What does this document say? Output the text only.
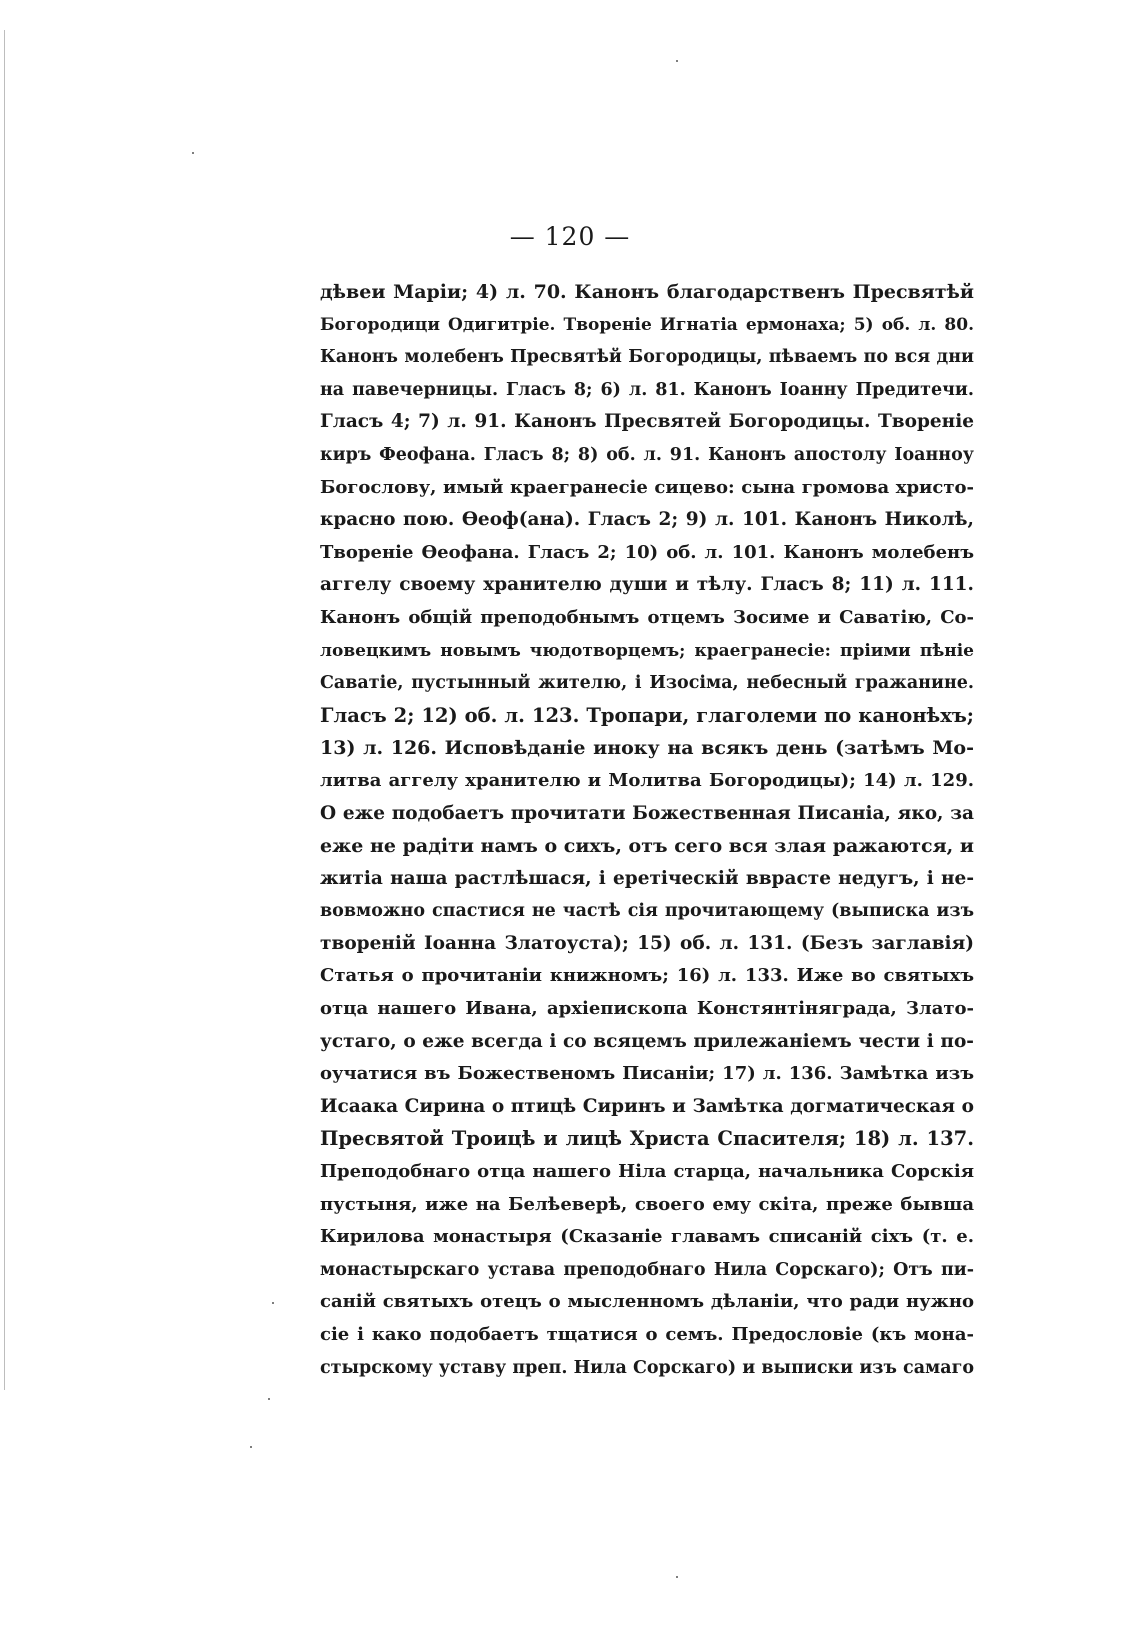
— 120 —
дѣвеи Маріи; 4) л. 70. Канонъ благодарственъ Пресвятѣй
Богородици Одигитріе. Твореніе Игнатіа ермонаха; 5) об. л. 80.
Канонъ молебенъ Пресвятѣй Богородицы, пѣваемъ по вся дни
на павечерницы. Гласъ 8; 6) л. 81. Канонъ Іоанну Предитечи.
Гласъ 4; 7) л. 91. Канонъ Пресвятей Богородицы. Твореніе
киръ Феофана. Гласъ 8; 8) об. л. 91. Канонъ апостолу Іоанноу
Богослову, имый краегранесіе сицево: сына громова христо-
красно пою. Ѳеоф(ана). Гласъ 2; 9) л. 101. Канонъ Николѣ,
Твореніе Ѳеофана. Гласъ 2; 10) об. л. 101. Канонъ молебенъ
аггелу своему хранителю души и тѣлу. Гласъ 8; 11) л. 111.
Канонъ общій преподобнымъ отцемъ Зосиме и Саватію, Со-
ловецкимъ новымъ чюдотворцемъ; краегранесіе: пріими пѣніе
Саватіе, пустынный жителю, і Изосіма, небесный гражанине.
Гласъ 2; 12) об. л. 123. Тропари, глаголеми по канонѣхъ;
13) л. 126. Исповѣданіе иноку на всякъ день (затѣмъ Мо-
литва аггелу хранителю и Молитва Богородицы); 14) л. 129.
О еже подобаетъ прочитати Божественная Писаніа, яко, за
еже не радіти намъ о сихъ, отъ сего вся злая ражаются, и
житіа наша растлѣшася, і еретіческій вврасте недугъ, і не-
вовможно спастися не частѣ сія прочитающему (выписка изъ
твореній Іоанна Златоуста); 15) об. л. 131. (Безъ заглавія)
Статья о прочитаніи книжномъ; 16) л. 133. Иже во святыхъ
отца нашего Ивана, архіепископа Констянтіняграда, Злато-
устаго, о еже всегда і со всяцемъ прилежаніемъ чести і по-
оучатися въ Божественомъ Писаніи; 17) л. 136. Замѣтка изъ
Исаака Сирина о птицѣ Сиринъ и Замѣтка догматическая о
Пресвятой Троицѣ и лицѣ Христа Спасителя; 18) л. 137.
Преподобнаго отца нашего Ніла старца, начальника Сорскія
пустыня, иже на Белѣеверѣ, своего ему скіта, преже бывша
Кирилова монастыря (Сказаніе главамъ списаній сіхъ (т. е.
монастырскаго устава преподобнаго Нила Сорскаго); Отъ пи-
саній святыхъ отецъ о мысленномъ дѣланіи, что ради нужно
сіе і како подобаетъ тщатися о семъ. Предословіе (къ мона-
стырскому уставу преп. Нила Сорскаго) и выписки изъ самаго
